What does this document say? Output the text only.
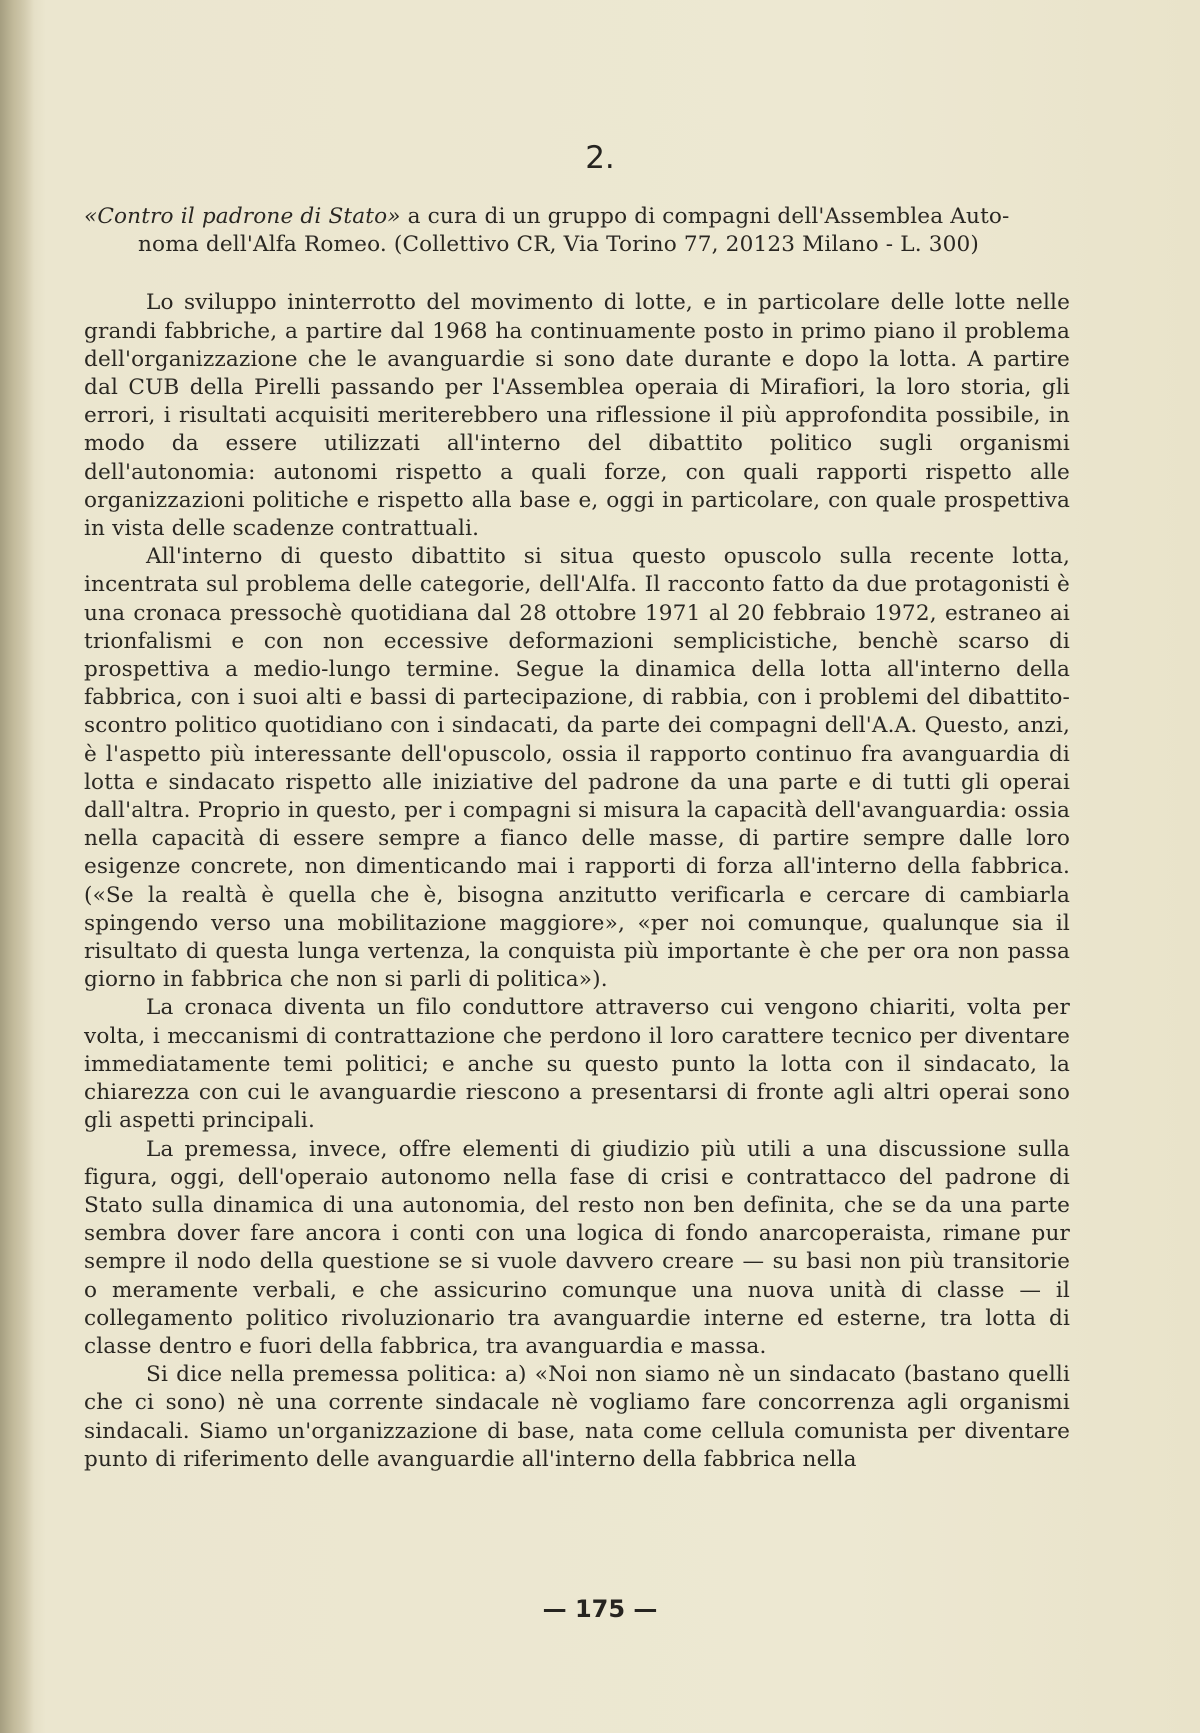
2.

«Contro il padrone di Stato» a cura di un gruppo di compagni dell'Assemblea Auto-
noma dell'Alfa Romeo. (Collettivo CR, Via Torino 77, 20123 Milano - L. 300)

Lo sviluppo ininterrotto del movimento di lotte, e in particolare delle lotte nelle grandi fabbriche, a partire dal 1968 ha continuamente posto in primo piano il problema dell'organizzazione che le avanguardie si sono date durante e dopo la lotta. A partire dal CUB della Pirelli passando per l'Assemblea operaia di Mirafiori, la loro storia, gli errori, i risultati acquisiti meriterebbero una riflessione il più approfondita possibile, in modo da essere utilizzati all'interno del dibattito politico sugli organismi dell'autonomia: autonomi rispetto a quali forze, con quali rapporti rispetto alle organizzazioni politiche e rispetto alla base e, oggi in particolare, con quale prospettiva in vista delle scadenze contrattuali.

All'interno di questo dibattito si situa questo opuscolo sulla recente lotta, incentrata sul problema delle categorie, dell'Alfa. Il racconto fatto da due protagonisti è una cronaca pressochè quotidiana dal 28 ottobre 1971 al 20 febbraio 1972, estraneo ai trionfalismi e con non eccessive deformazioni semplicistiche, benchè scarso di prospettiva a medio-lungo termine. Segue la dinamica della lotta all'interno della fabbrica, con i suoi alti e bassi di partecipazione, di rabbia, con i problemi del dibattito-scontro politico quotidiano con i sindacati, da parte dei compagni dell'A.A. Questo, anzi, è l'aspetto più interessante dell'opuscolo, ossia il rapporto continuo fra avanguardia di lotta e sindacato rispetto alle iniziative del padrone da una parte e di tutti gli operai dall'altra. Proprio in questo, per i compagni si misura la capacità dell'avanguardia: ossia nella capacità di essere sempre a fianco delle masse, di partire sempre dalle loro esigenze concrete, non dimenticando mai i rapporti di forza all'interno della fabbrica. («Se la realtà è quella che è, bisogna anzitutto verificarla e cercare di cambiarla spingendo verso una mobilitazione maggiore», «per noi comunque, qualunque sia il risultato di questa lunga vertenza, la conquista più importante è che per ora non passa giorno in fabbrica che non si parli di politica»).

La cronaca diventa un filo conduttore attraverso cui vengono chiariti, volta per volta, i meccanismi di contrattazione che perdono il loro carattere tecnico per diventare immediatamente temi politici; e anche su questo punto la lotta con il sindacato, la chiarezza con cui le avanguardie riescono a presentarsi di fronte agli altri operai sono gli aspetti principali.

La premessa, invece, offre elementi di giudizio più utili a una discussione sulla figura, oggi, dell'operaio autonomo nella fase di crisi e contrattacco del padrone di Stato sulla dinamica di una autonomia, del resto non ben definita, che se da una parte sembra dover fare ancora i conti con una logica di fondo anarcoperaista, rimane pur sempre il nodo della questione se si vuole davvero creare — su basi non più transitorie o meramente verbali, e che assicurino comunque una nuova unità di classe — il collegamento politico rivoluzionario tra avanguardie interne ed esterne, tra lotta di classe dentro e fuori della fabbrica, tra avanguardia e massa.

Si dice nella premessa politica: a) «Noi non siamo nè un sindacato (bastano quelli che ci sono) nè una corrente sindacale nè vogliamo fare concorrenza agli organismi sindacali. Siamo un'organizzazione di base, nata come cellula comunista per diventare punto di riferimento delle avanguardie all'interno della fabbrica nella

— 175 —
